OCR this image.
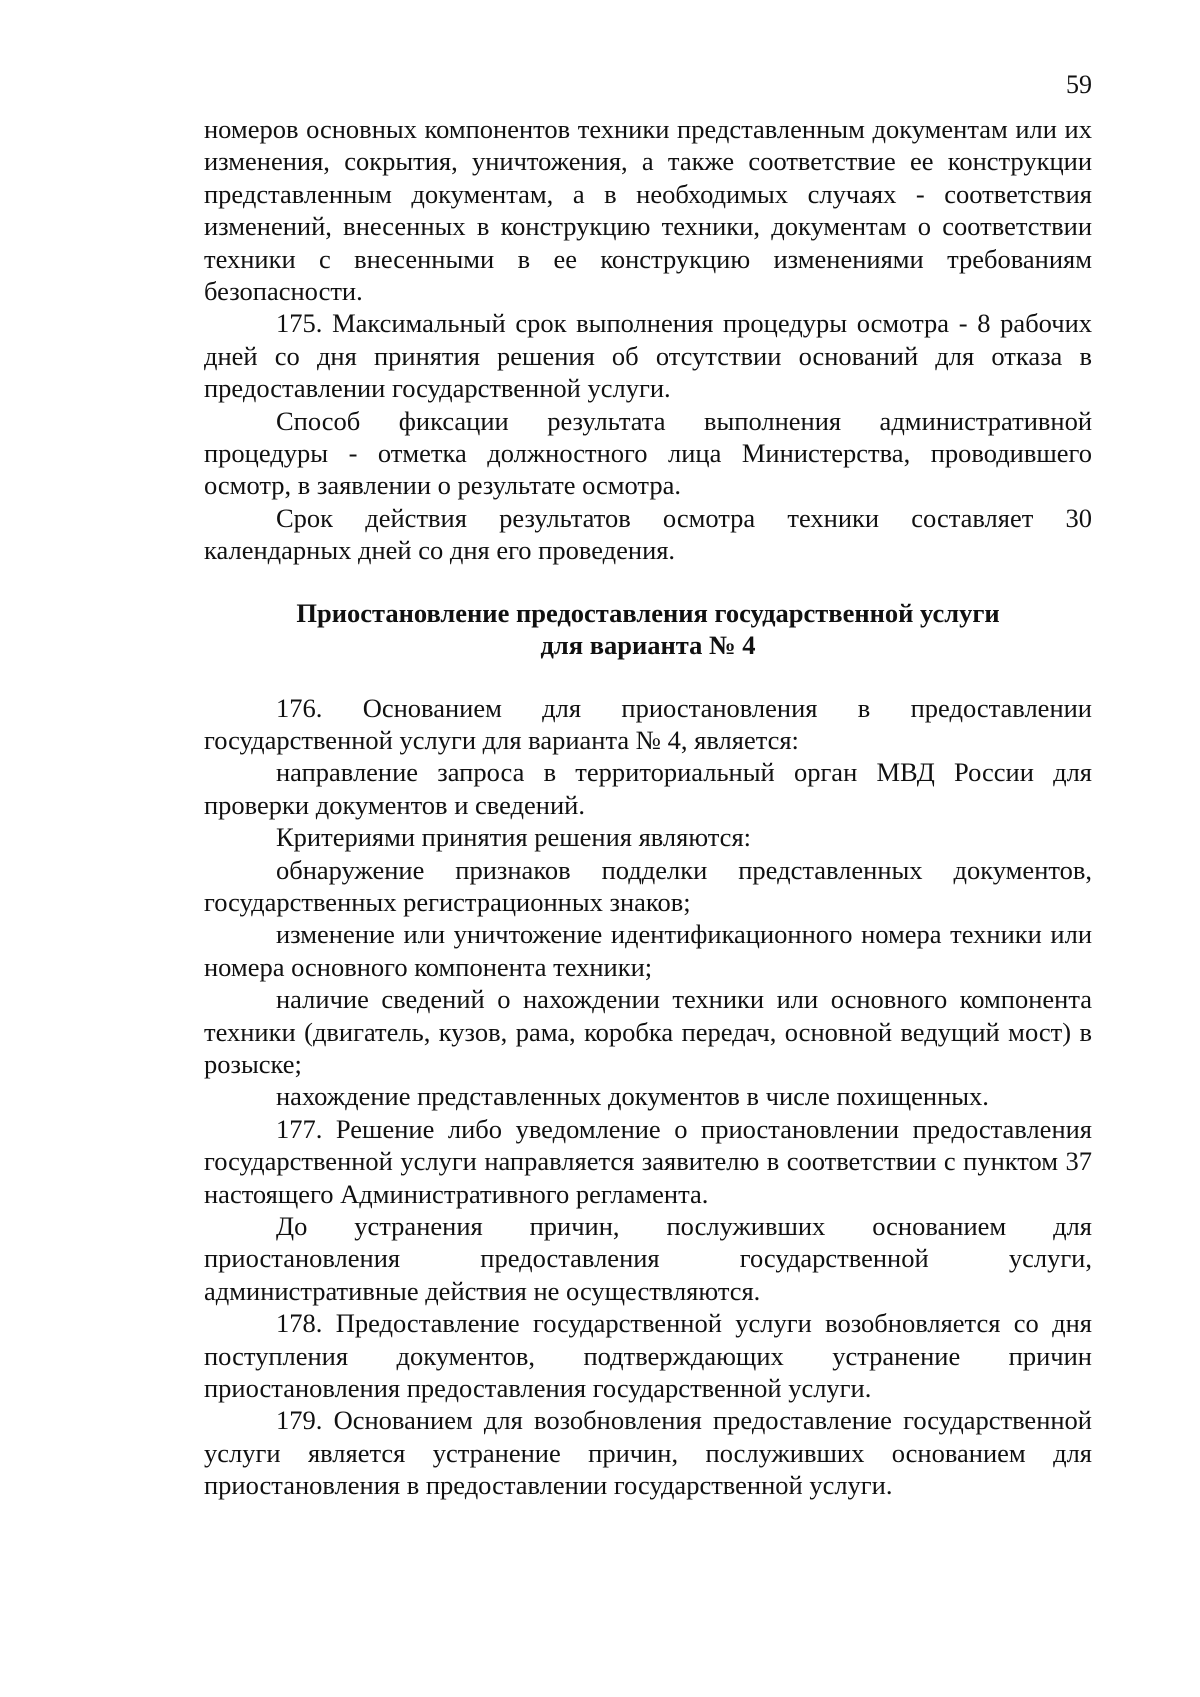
59

номеров основных компонентов техники представленным документам или их изменения, сокрытия, уничтожения, а также соответствие ее конструкции представленным документам, а в необходимых случаях - соответствия изменений, внесенных в конструкцию техники, документам о соответствии техники с внесенными в ее конструкцию изменениями требованиям безопасности.

175. Максимальный срок выполнения процедуры осмотра - 8 рабочих дней со дня принятия решения об отсутствии оснований для отказа в предоставлении государственной услуги.

Способ фиксации результата выполнения административной процедуры - отметка должностного лица Министерства, проводившего осмотр, в заявлении о результате осмотра.

Срок действия результатов осмотра техники составляет 30 календарных дней со дня его проведения.

Приостановление предоставления государственной услуги
для варианта № 4

176. Основанием для приостановления в предоставлении государственной услуги для варианта № 4, является:

направление запроса в территориальный орган МВД России для проверки документов и сведений.

Критериями принятия решения являются:

обнаружение признаков подделки представленных документов, государственных регистрационных знаков;

изменение или уничтожение идентификационного номера техники или номера основного компонента техники;

наличие сведений о нахождении техники или основного компонента техники (двигатель, кузов, рама, коробка передач, основной ведущий мост) в розыске;

нахождение представленных документов в числе похищенных.

177. Решение либо уведомление о приостановлении предоставления государственной услуги направляется заявителю в соответствии с пунктом 37 настоящего Административного регламента.

До устранения причин, послуживших основанием для приостановления предоставления государственной услуги, административные действия не осуществляются.

178. Предоставление государственной услуги возобновляется со дня поступления документов, подтверждающих устранение причин приостановления предоставления государственной услуги.

179. Основанием для возобновления предоставление государственной услуги является устранение причин, послуживших основанием для приостановления в предоставлении государственной услуги.
